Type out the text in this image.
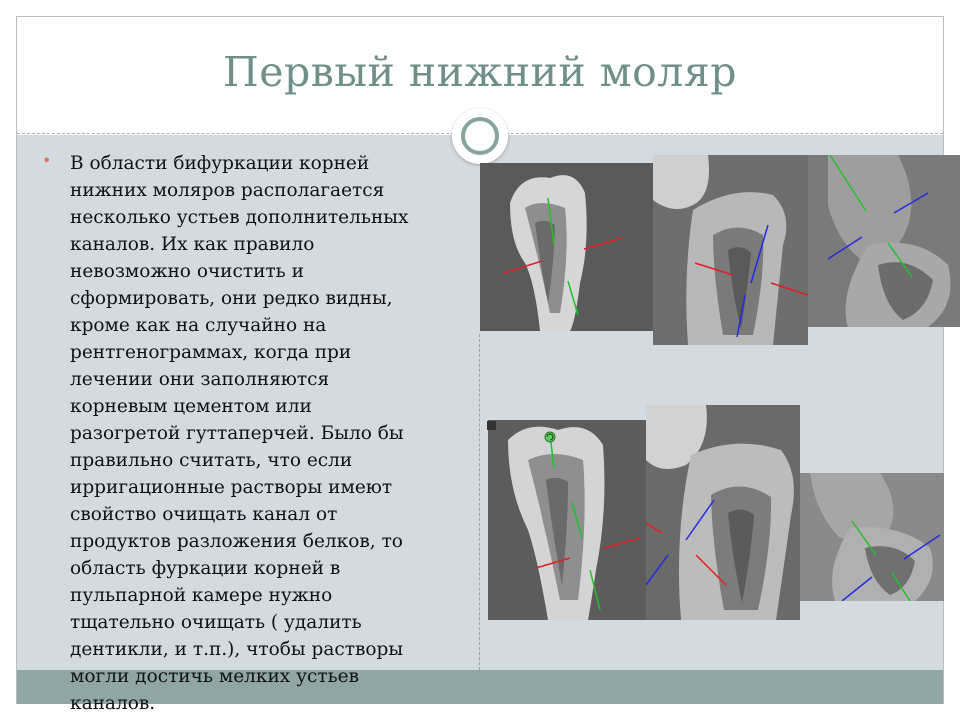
Первый нижний моляр
• В области бифуркации корней
нижних моляров располагается
несколько устьев дополнительных
каналов. Их как правило
невозможно очистить и
сформировать, они редко видны,
кроме как на случайно на
рентгенограммах, когда при
лечении они заполняются
корневым цементом или
разогретой гуттаперчей. Было бы
правильно считать, что если
ирригационные растворы имеют
свойство очищать канал от
продуктов разложения белков, то
область фуркации корней в
пульпарной камере нужно
тщательно очищать ( удалить
дентикли, и т.п.), чтобы растворы
могли достичь мелких устьев
каналов.
